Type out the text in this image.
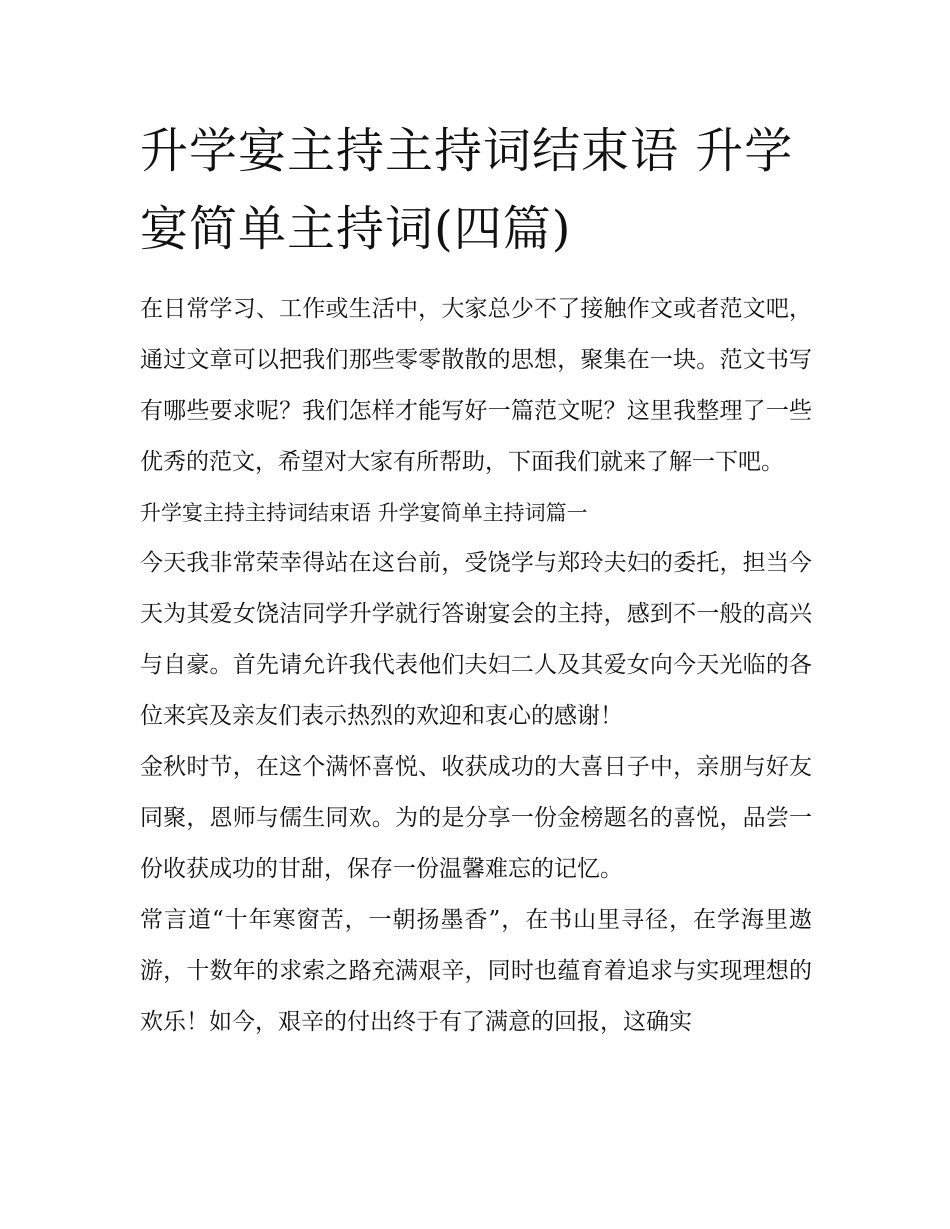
升学宴主持主持词结束语 升学宴简单主持词(四篇)

在日常学习、工作或生活中，大家总少不了接触作文或者范文吧，通过文章可以把我们那些零零散散的思想，聚集在一块。范文书写有哪些要求呢？我们怎样才能写好一篇范文呢？这里我整理了一些优秀的范文，希望对大家有所帮助，下面我们就来了解一下吧。

升学宴主持主持词结束语 升学宴简单主持词篇一

今天我非常荣幸得站在这台前，受饶学与郑玲夫妇的委托，担当今天为其爱女饶洁同学升学就行答谢宴会的主持，感到不一般的高兴与自豪。首先请允许我代表他们夫妇二人及其爱女向今天光临的各位来宾及亲友们表示热烈的欢迎和衷心的感谢！

金秋时节，在这个满怀喜悦、收获成功的大喜日子中，亲朋与好友同聚，恩师与儒生同欢。为的是分享一份金榜题名的喜悦，品尝一份收获成功的甘甜，保存一份温馨难忘的记忆。

常言道“十年寒窗苦，一朝扬墨香”，在书山里寻径，在学海里遨游，十数年的求索之路充满艰辛，同时也蕴育着追求与实现理想的欢乐！如今，艰辛的付出终于有了满意的回报，这确实
